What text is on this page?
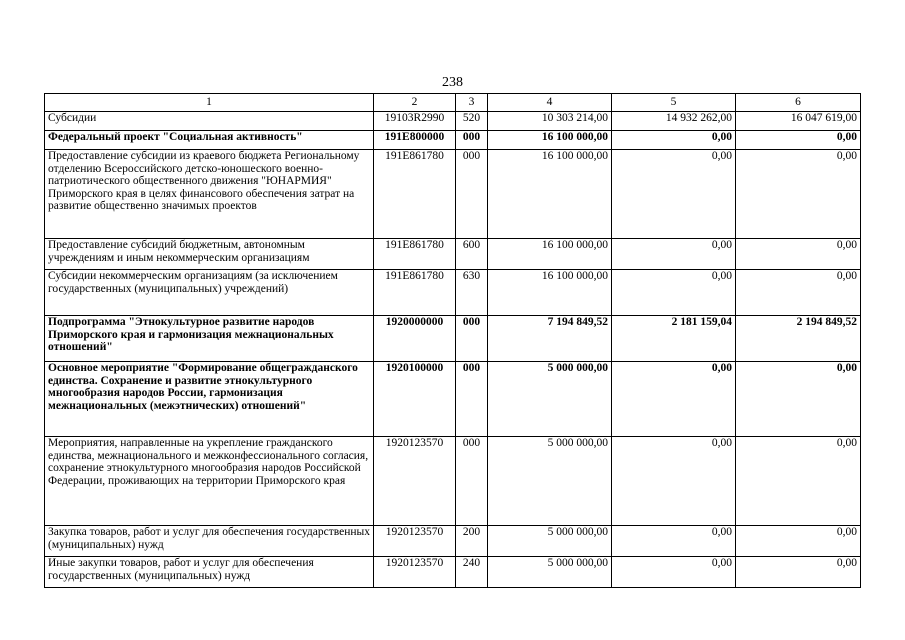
238
1	2	3	4	5	6
Субсидии	19103R2990	520	10 303 214,00	14 932 262,00	16 047 619,00
Федеральный проект "Социальная активность"	191E800000	000	16 100 000,00	0,00	0,00
Предоставление субсидии из краевого бюджета Региональному отделению Всероссийского детско-юношеского военно-патриотического общественного движения "ЮНАРМИЯ" Приморского края в целях финансового обеспечения затрат на развитие общественно значимых проектов	191E861780	000	16 100 000,00	0,00	0,00
Предоставление субсидий бюджетным, автономным учреждениям и иным некоммерческим организациям	191E861780	600	16 100 000,00	0,00	0,00
Субсидии некоммерческим организациям (за исключением государственных (муниципальных) учреждений)	191E861780	630	16 100 000,00	0,00	0,00
Подпрограмма "Этнокультурное развитие народов Приморского края и гармонизация межнациональных отношений"	1920000000	000	7 194 849,52	2 181 159,04	2 194 849,52
Основное мероприятие "Формирование общегражданского единства. Сохранение и развитие этнокультурного многообразия народов России, гармонизация межнациональных (межэтнических) отношений"	1920100000	000	5 000 000,00	0,00	0,00
Мероприятия, направленные на укрепление гражданского единства, межнационального и межконфессионального согласия, сохранение этнокультурного многообразия народов Российской Федерации, проживающих на территории Приморского края	1920123570	000	5 000 000,00	0,00	0,00
Закупка товаров, работ и услуг для обеспечения государственных (муниципальных) нужд	1920123570	200	5 000 000,00	0,00	0,00
Иные закупки товаров, работ и услуг для обеспечения государственных (муниципальных) нужд	1920123570	240	5 000 000,00	0,00	0,00
